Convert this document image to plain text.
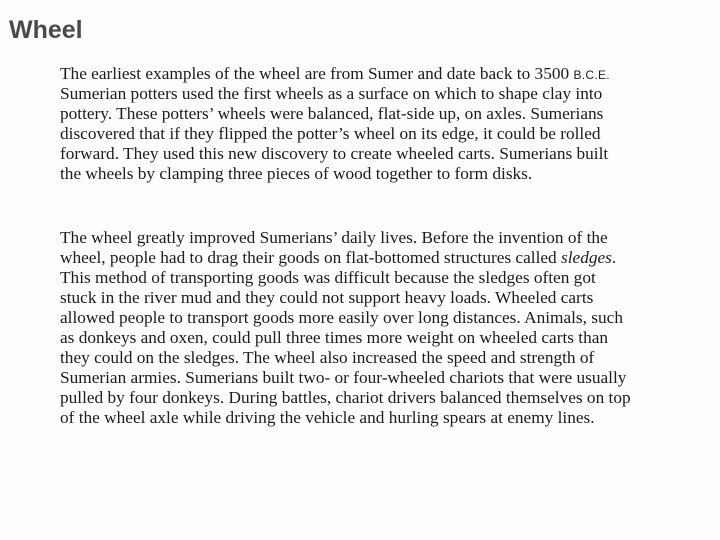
Wheel

The earliest examples of the wheel are from Sumer and date back to 3500 B.C.E.
Sumerian potters used the first wheels as a surface on which to shape clay into
pottery. These potters’ wheels were balanced, flat-side up, on axles. Sumerians
discovered that if they flipped the potter’s wheel on its edge, it could be rolled
forward. They used this new discovery to create wheeled carts. Sumerians built
the wheels by clamping three pieces of wood together to form disks.

The wheel greatly improved Sumerians’ daily lives. Before the invention of the
wheel, people had to drag their goods on flat-bottomed structures called sledges.
This method of transporting goods was difficult because the sledges often got
stuck in the river mud and they could not support heavy loads. Wheeled carts
allowed people to transport goods more easily over long distances. Animals, such
as donkeys and oxen, could pull three times more weight on wheeled carts than
they could on the sledges. The wheel also increased the speed and strength of
Sumerian armies. Sumerians built two- or four-wheeled chariots that were usually
pulled by four donkeys. During battles, chariot drivers balanced themselves on top
of the wheel axle while driving the vehicle and hurling spears at enemy lines.
